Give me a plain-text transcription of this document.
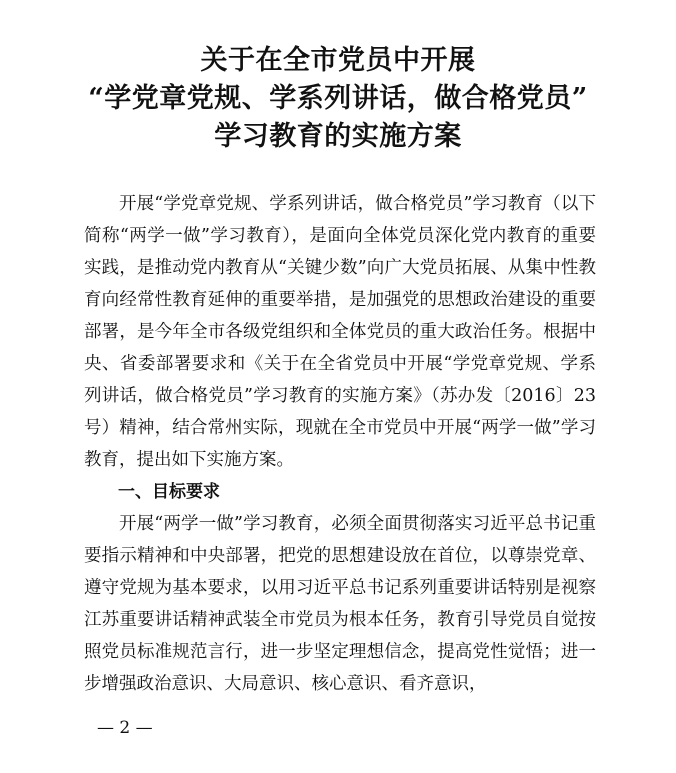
关于在全市党员中开展
“学党章党规、学系列讲话，做合格党员”
学习教育的实施方案

开展“学党章党规、学系列讲话，做合格党员”学习教育（以下简称“两学一做”学习教育），是面向全体党员深化党内教育的重要实践，是推动党内教育从“关键少数”向广大党员拓展、从集中性教育向经常性教育延伸的重要举措，是加强党的思想政治建设的重要部署，是今年全市各级党组织和全体党员的重大政治任务。根据中央、省委部署要求和《关于在全省党员中开展“学党章党规、学系列讲话，做合格党员”学习教育的实施方案》（苏办发〔2016〕23号）精神，结合常州实际，现就在全市党员中开展“两学一做”学习教育，提出如下实施方案。

一、目标要求

开展“两学一做”学习教育，必须全面贯彻落实习近平总书记重要指示精神和中央部署，把党的思想建设放在首位，以尊崇党章、遵守党规为基本要求，以用习近平总书记系列重要讲话特别是视察江苏重要讲话精神武装全市党员为根本任务，教育引导党员自觉按照党员标准规范言行，进一步坚定理想信念，提高党性觉悟；进一步增强政治意识、大局意识、核心意识、看齐意识，

— 2 —
